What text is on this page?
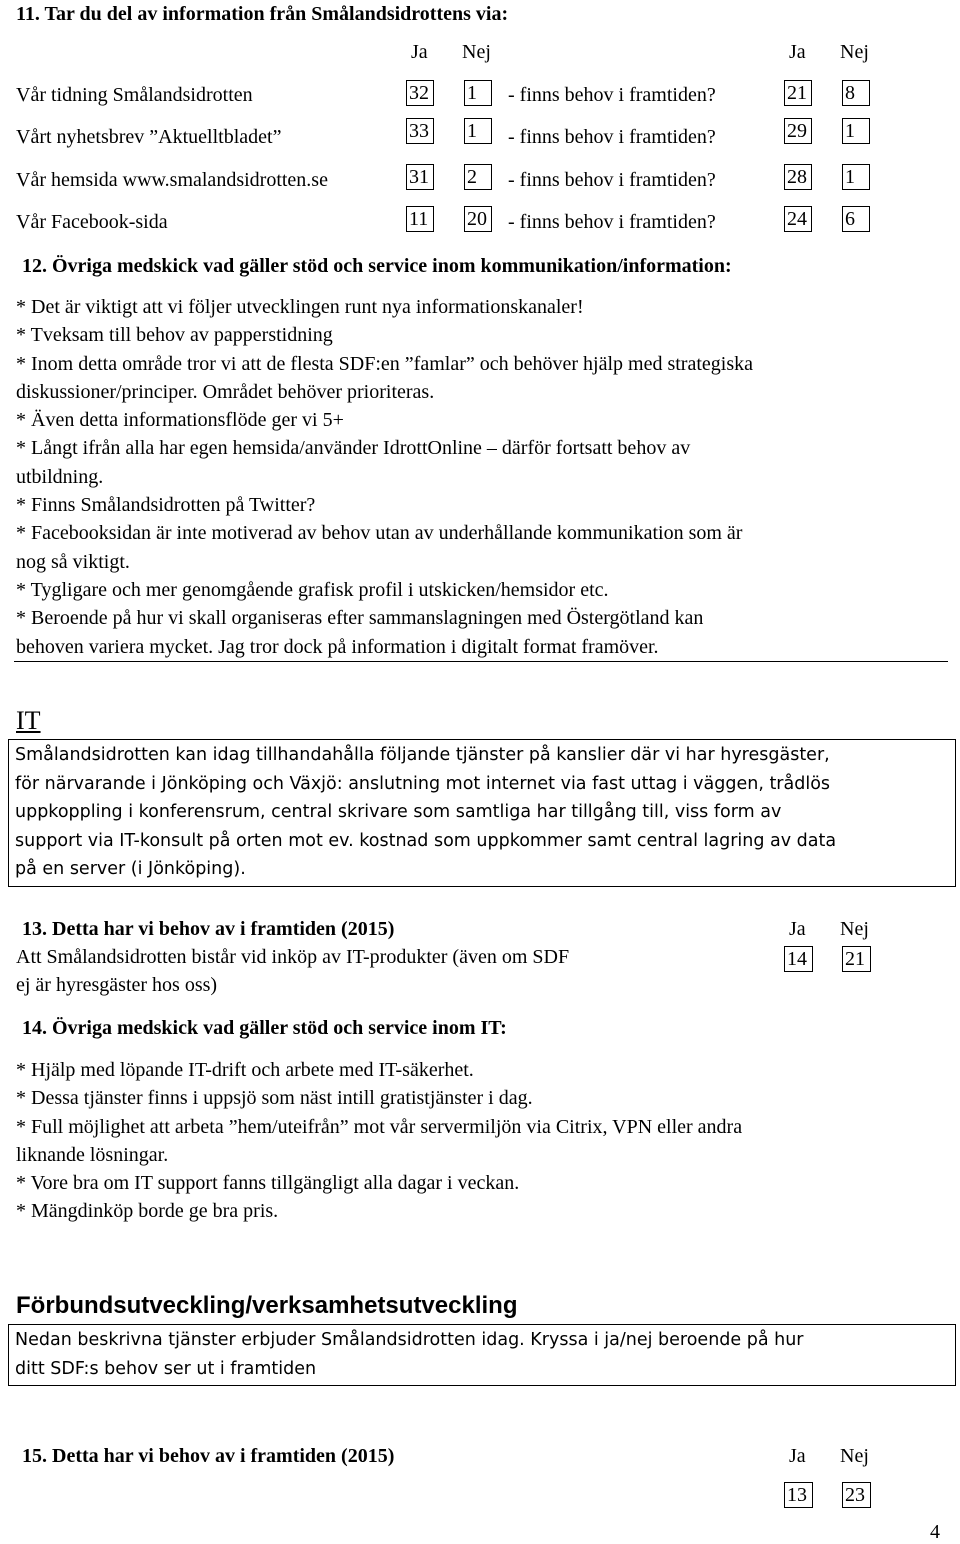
11. Tar du del av information från Smålandsidrottens via:
Ja Nej	Ja Nej
Vår tidning Smålandsidrotten	32 1	- finns behov i framtiden?	21 8
Vårt nyhetsbrev ”Aktuelltbladet”	33 1	- finns behov i framtiden?	29 1
Vår hemsida www.smalandsidrotten.se	31 2	- finns behov i framtiden?	28 1
Vår Facebook-sida	11 20 - finns behov i framtiden?	24 6
12. Övriga medskick vad gäller stöd och service inom kommunikation/information:
* Det är viktigt att vi följer utvecklingen runt nya informationskanaler!
* Tveksam till behov av papperstidning
* Inom detta område tror vi att de flesta SDF:en ”famlar” och behöver hjälp med strategiska
diskussioner/principer. Området behöver prioriteras.
* Även detta informationsflöde ger vi 5+
* Långt ifrån alla har egen hemsida/använder IdrottOnline – därför fortsatt behov av
utbildning.
* Finns Smålandsidrotten på Twitter?
* Facebooksidan är inte motiverad av behov utan av underhållande kommunikation som är
nog så viktigt.
* Tygligare och mer genomgående grafisk profil i utskicken/hemsidor etc.
* Beroende på hur vi skall organiseras efter sammanslagningen med Östergötland kan
behoven variera mycket. Jag tror dock på information i digitalt format framöver.
IT
Smålandsidrotten kan idag tillhandahålla följande tjänster på kanslier där vi har hyresgäster,
för närvarande i Jönköping och Växjö: anslutning mot internet via fast uttag i väggen, trådlös
uppkoppling i konferensrum, central skrivare som samtliga har tillgång till, viss form av
support via IT-konsult på orten mot ev. kostnad som uppkommer samt central lagring av data
på en server (i Jönköping).
13. Detta har vi behov av i framtiden (2015)	Ja Nej
Att Smålandsidrotten bistår vid inköp av IT-produkter (även om SDF
ej är hyresgäster hos oss)
14	21
14. Övriga medskick vad gäller stöd och service inom IT:
* Hjälp med löpande IT-drift och arbete med IT-säkerhet.
* Dessa tjänster finns i uppsjö som näst intill gratistjänster i dag.
* Full möjlighet att arbeta ”hem/uteifrån” mot vår servermiljön via Citrix, VPN eller andra
liknande lösningar.
* Vore bra om IT support fanns tillgängligt alla dagar i veckan.
* Mängdinköp borde ge bra pris.
Förbundsutveckling/verksamhetsutveckling
Nedan beskrivna tjänster erbjuder Smålandsidrotten idag. Kryssa i ja/nej beroende på hur
ditt SDF:s behov ser ut i framtiden
15. Detta har vi behov av i framtiden (2015)	Ja Nej
13	23
4
